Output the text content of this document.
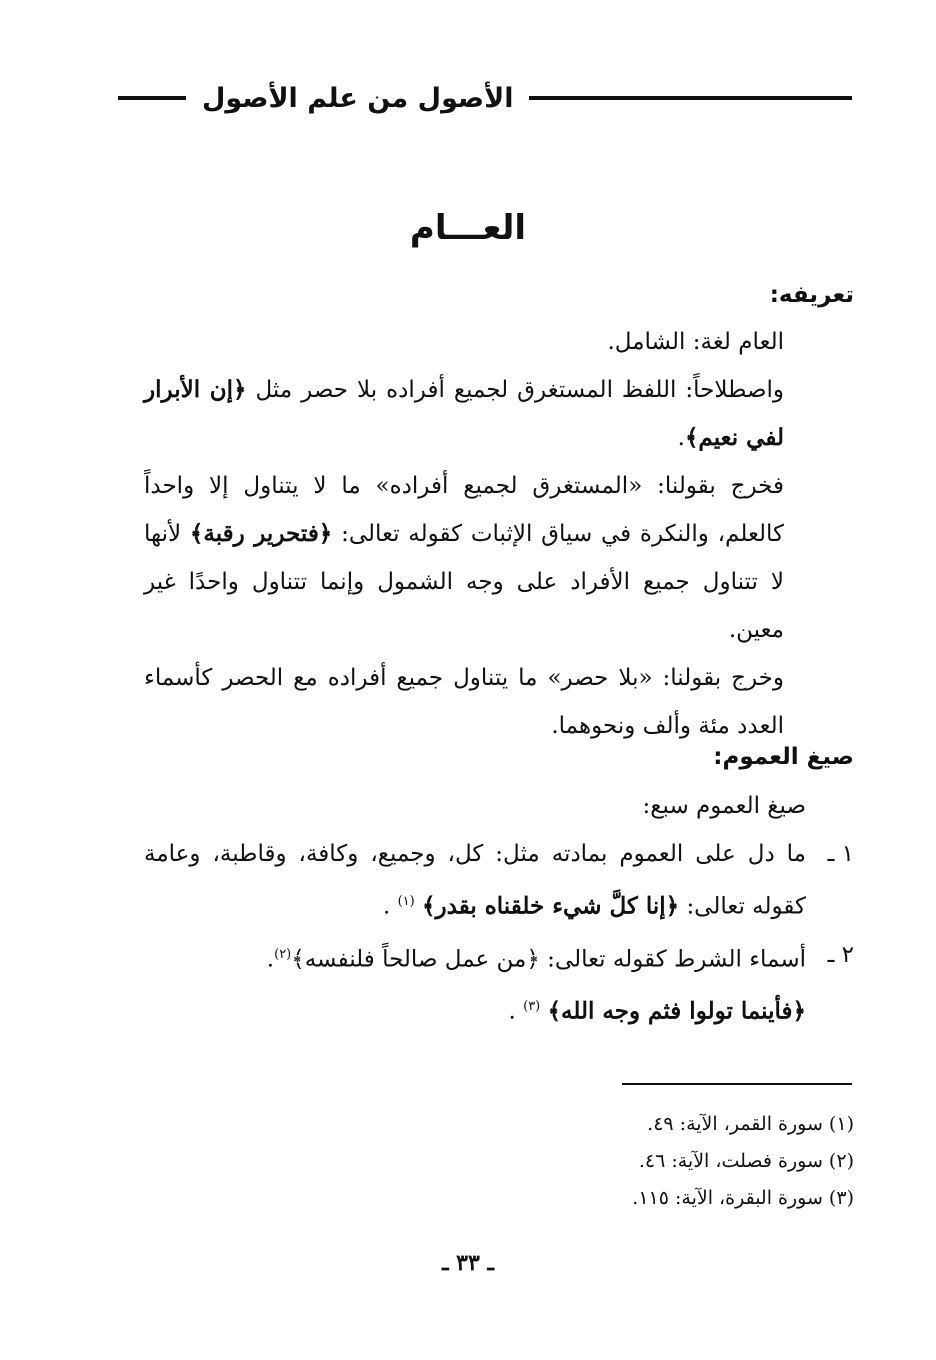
الأصول من علم الأصول
العـــام
تعريفه:

العام لغة: الشامل.

واصطلاحاً: اللفظ المستغرق لجميع أفراده بلا حصر مثل ﴿إن الأبرار لفي نعيم﴾.

فخرج بقولنا: «المستغرق لجميع أفراده» ما لا يتناول إلا واحداً كالعلم، والنكرة في سياق الإثبات كقوله تعالى: ﴿فتحرير رقبة﴾ لأنها لا تتناول جميع الأفراد على وجه الشمول وإنما تتناول واحدًا غير معين.

وخرج بقولنا: «بلا حصر» ما يتناول جميع أفراده مع الحصر كأسماء العدد مئة وألف ونحوهما.

صيغ العموم:

صيغ العموم سبع:

١ ـ
ما دل على العموم بمادته مثل: كل، وجميع، وكافة، وقاطبة، وعامة كقوله تعالى: ﴿إنا كلَّ شيء خلقناه بقدر﴾ $^{(١)}$ .
٢ ـ
أسماء الشرط كقوله تعالى: ﴿من عمل صالحاً فلنفسه﴾$^{(٢)}$.
﴿فأينما تولوا فثم وجه الله﴾ $^{(٣)}$ .
(١) سورة القمر، الآية: ٤٩.
(٢) سورة فصلت، الآية: ٤٦.
(٣) سورة البقرة، الآية: ١١٥.
ـ ٣٣ ـ
